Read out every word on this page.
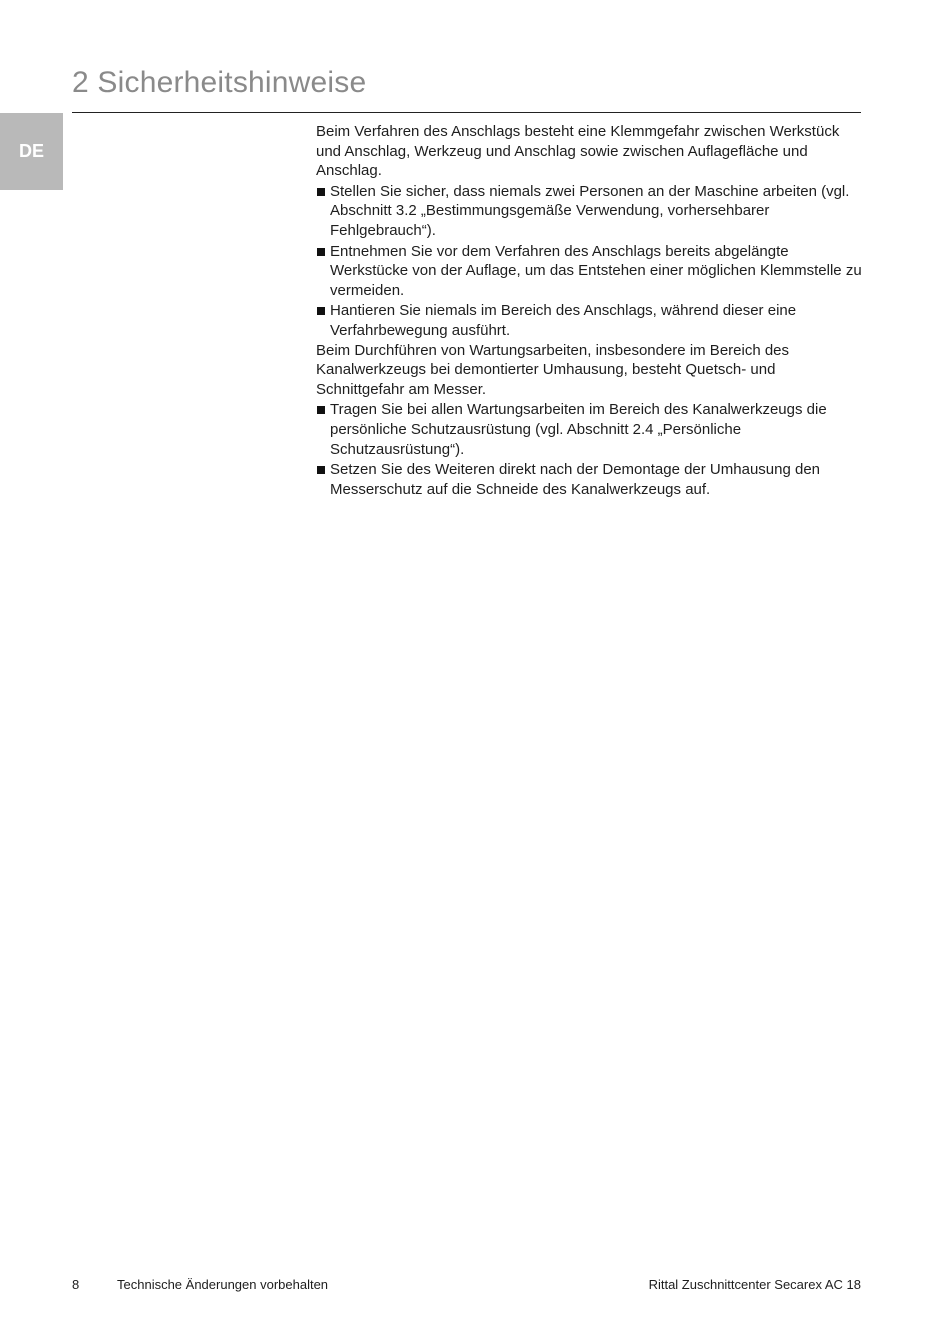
2 Sicherheitshinweise
DE

Beim Verfahren des Anschlags besteht eine Klemmgefahr zwischen Werkstück und Anschlag, Werkzeug und Anschlag sowie zwischen Auflagefläche und Anschlag.

Stellen Sie sicher, dass niemals zwei Personen an der Maschine arbeiten (vgl. Abschnitt 3.2 „Bestimmungsgemäße Verwendung, vorhersehbarer Fehlgebrauch“).
Entnehmen Sie vor dem Verfahren des Anschlags bereits abgelängte Werkstücke von der Auflage, um das Entstehen einer möglichen Klemmstelle zu vermeiden.
Hantieren Sie niemals im Bereich des Anschlags, während dieser eine Verfahrbewegung ausführt.

Beim Durchführen von Wartungsarbeiten, insbesondere im Bereich des Kanalwerkzeugs bei demontierter Umhausung, besteht Quetsch- und Schnittgefahr am Messer.

Tragen Sie bei allen Wartungsarbeiten im Bereich des Kanalwerkzeugs die persönliche Schutzausrüstung (vgl. Abschnitt 2.4 „Persönliche Schutzausrüstung“).
Setzen Sie des Weiteren direkt nach der Demontage der Umhausung den Messerschutz auf die Schneide des Kanalwerkzeugs auf.
8	Technische Änderungen vorbehalten	Rittal Zuschnittcenter Secarex AC 18
